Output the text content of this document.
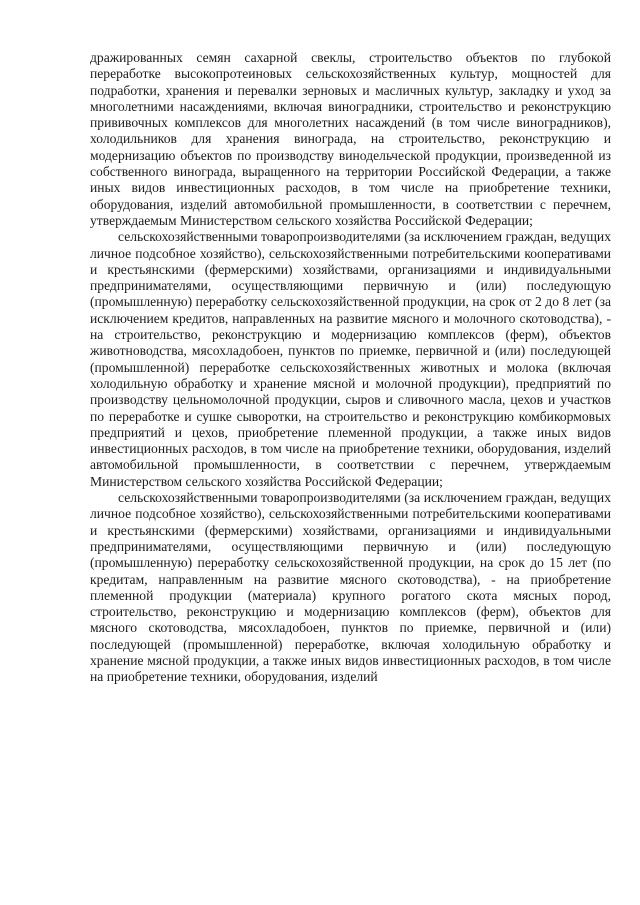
дражированных семян сахарной свеклы, строительство объектов по глубокой переработке высокопротеиновых сельскохозяйственных культур, мощностей для подработки, хранения и перевалки зерновых и масличных культур, закладку и уход за многолетними насаждениями, включая виноградники, строительство и реконструкцию прививочных комплексов для многолетних насаждений (в том числе виноградников), холодильников для хранения винограда, на строительство, реконструкцию и модернизацию объектов по производству винодельческой продукции, произведенной из собственного винограда, выращенного на территории Российской Федерации, а также иных видов инвестиционных расходов, в том числе на приобретение техники, оборудования, изделий автомобильной промышленности, в соответствии с перечнем, утверждаемым Министерством сельского хозяйства Российской Федерации;

сельскохозяйственными товаропроизводителями (за исключением граждан, ведущих личное подсобное хозяйство), сельскохозяйственными потребительскими кооперативами и крестьянскими (фермерскими) хозяйствами, организациями и индивидуальными предпринимателями, осуществляющими первичную и (или) последующую (промышленную) переработку сельскохозяйственной продукции, на срок от 2 до 8 лет (за исключением кредитов, направленных на развитие мясного и молочного скотоводства), - на строительство, реконструкцию и модернизацию комплексов (ферм), объектов животноводства, мясохладобоен, пунктов по приемке, первичной и (или) последующей (промышленной) переработке сельскохозяйственных животных и молока (включая холодильную обработку и хранение мясной и молочной продукции), предприятий по производству цельномолочной продукции, сыров и сливочного масла, цехов и участков по переработке и сушке сыворотки, на строительство и реконструкцию комбикормовых предприятий и цехов, приобретение племенной продукции, а также иных видов инвестиционных расходов, в том числе на приобретение техники, оборудования, изделий автомобильной промышленности, в соответствии с перечнем, утверждаемым Министерством сельского хозяйства Российской Федерации;

сельскохозяйственными товаропроизводителями (за исключением граждан, ведущих личное подсобное хозяйство), сельскохозяйственными потребительскими кооперативами и крестьянскими (фермерскими) хозяйствами, организациями и индивидуальными предпринимателями, осуществляющими первичную и (или) последующую (промышленную) переработку сельскохозяйственной продукции, на срок до 15 лет (по кредитам, направленным на развитие мясного скотоводства), - на приобретение племенной продукции (материала) крупного рогатого скота мясных пород, строительство, реконструкцию и модернизацию комплексов (ферм), объектов для мясного скотоводства, мясохладобоен, пунктов по приемке, первичной и (или) последующей (промышленной) переработке, включая холодильную обработку и хранение мясной продукции, а также иных видов инвестиционных расходов, в том числе на приобретение техники, оборудования, изделий
